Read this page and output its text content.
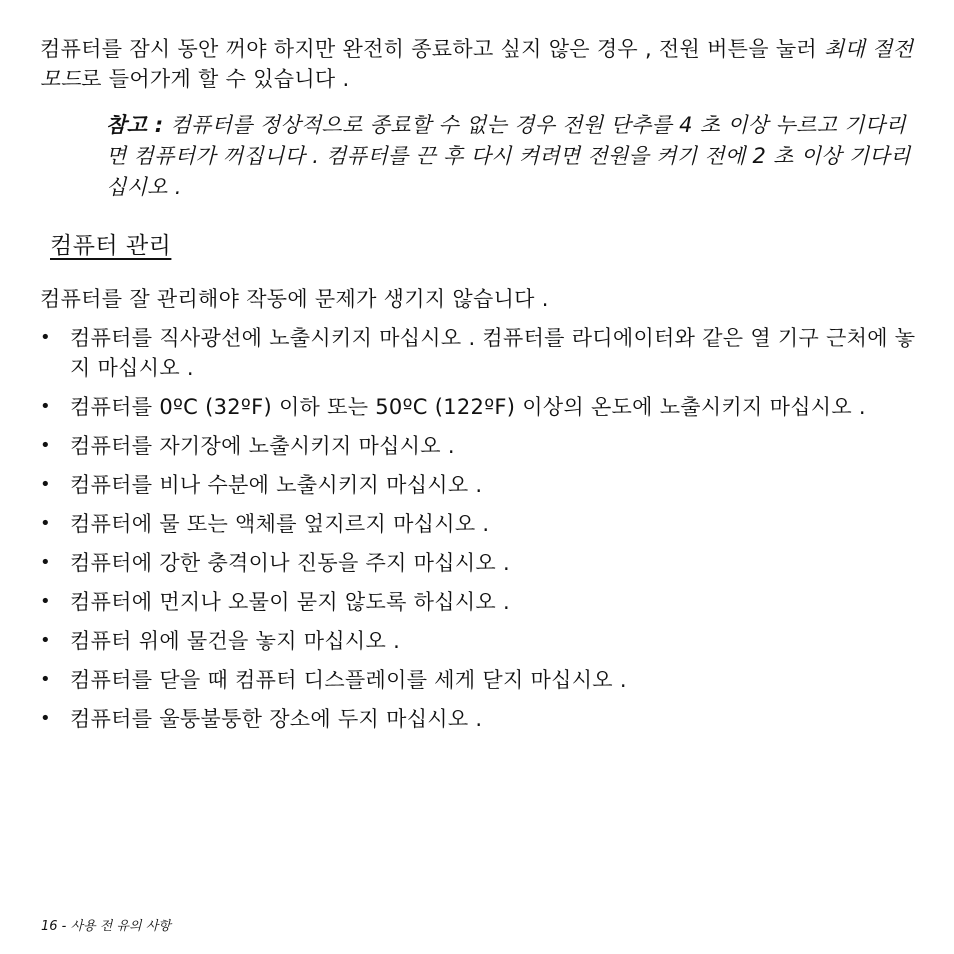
컴퓨터를 잠시 동안 꺼야 하지만 완전히 종료하고 싶지 않은 경우 , 전원 버튼을 눌러 최대 절전 모드로 들어가게 할 수 있습니다 .

참고 : 컴퓨터를 정상적으로 종료할 수 없는 경우 전원 단추를 4 초 이상 누르고 기다리면 컴퓨터가 꺼집니다 . 컴퓨터를 끈 후 다시 켜려면 전원을 켜기 전에 2 초 이상 기다리십시오 .

컴퓨터 관리

컴퓨터를 잘 관리해야 작동에 문제가 생기지 않습니다 .

• 컴퓨터를 직사광선에 노출시키지 마십시오 . 컴퓨터를 라디에이터와 같은 열 기구 근처에 놓지 마십시오 .
• 컴퓨터를 0ºC (32ºF) 이하 또는 50ºC (122ºF) 이상의 온도에 노출시키지 마십시오 .
• 컴퓨터를 자기장에 노출시키지 마십시오 .
• 컴퓨터를 비나 수분에 노출시키지 마십시오 .
• 컴퓨터에 물 또는 액체를 엎지르지 마십시오 .
• 컴퓨터에 강한 충격이나 진동을 주지 마십시오 .
• 컴퓨터에 먼지나 오물이 묻지 않도록 하십시오 .
• 컴퓨터 위에 물건을 놓지 마십시오 .
• 컴퓨터를 닫을 때 컴퓨터 디스플레이를 세게 닫지 마십시오 .
• 컴퓨터를 울퉁불퉁한 장소에 두지 마십시오 .
16 - 사용 전 유의 사항
